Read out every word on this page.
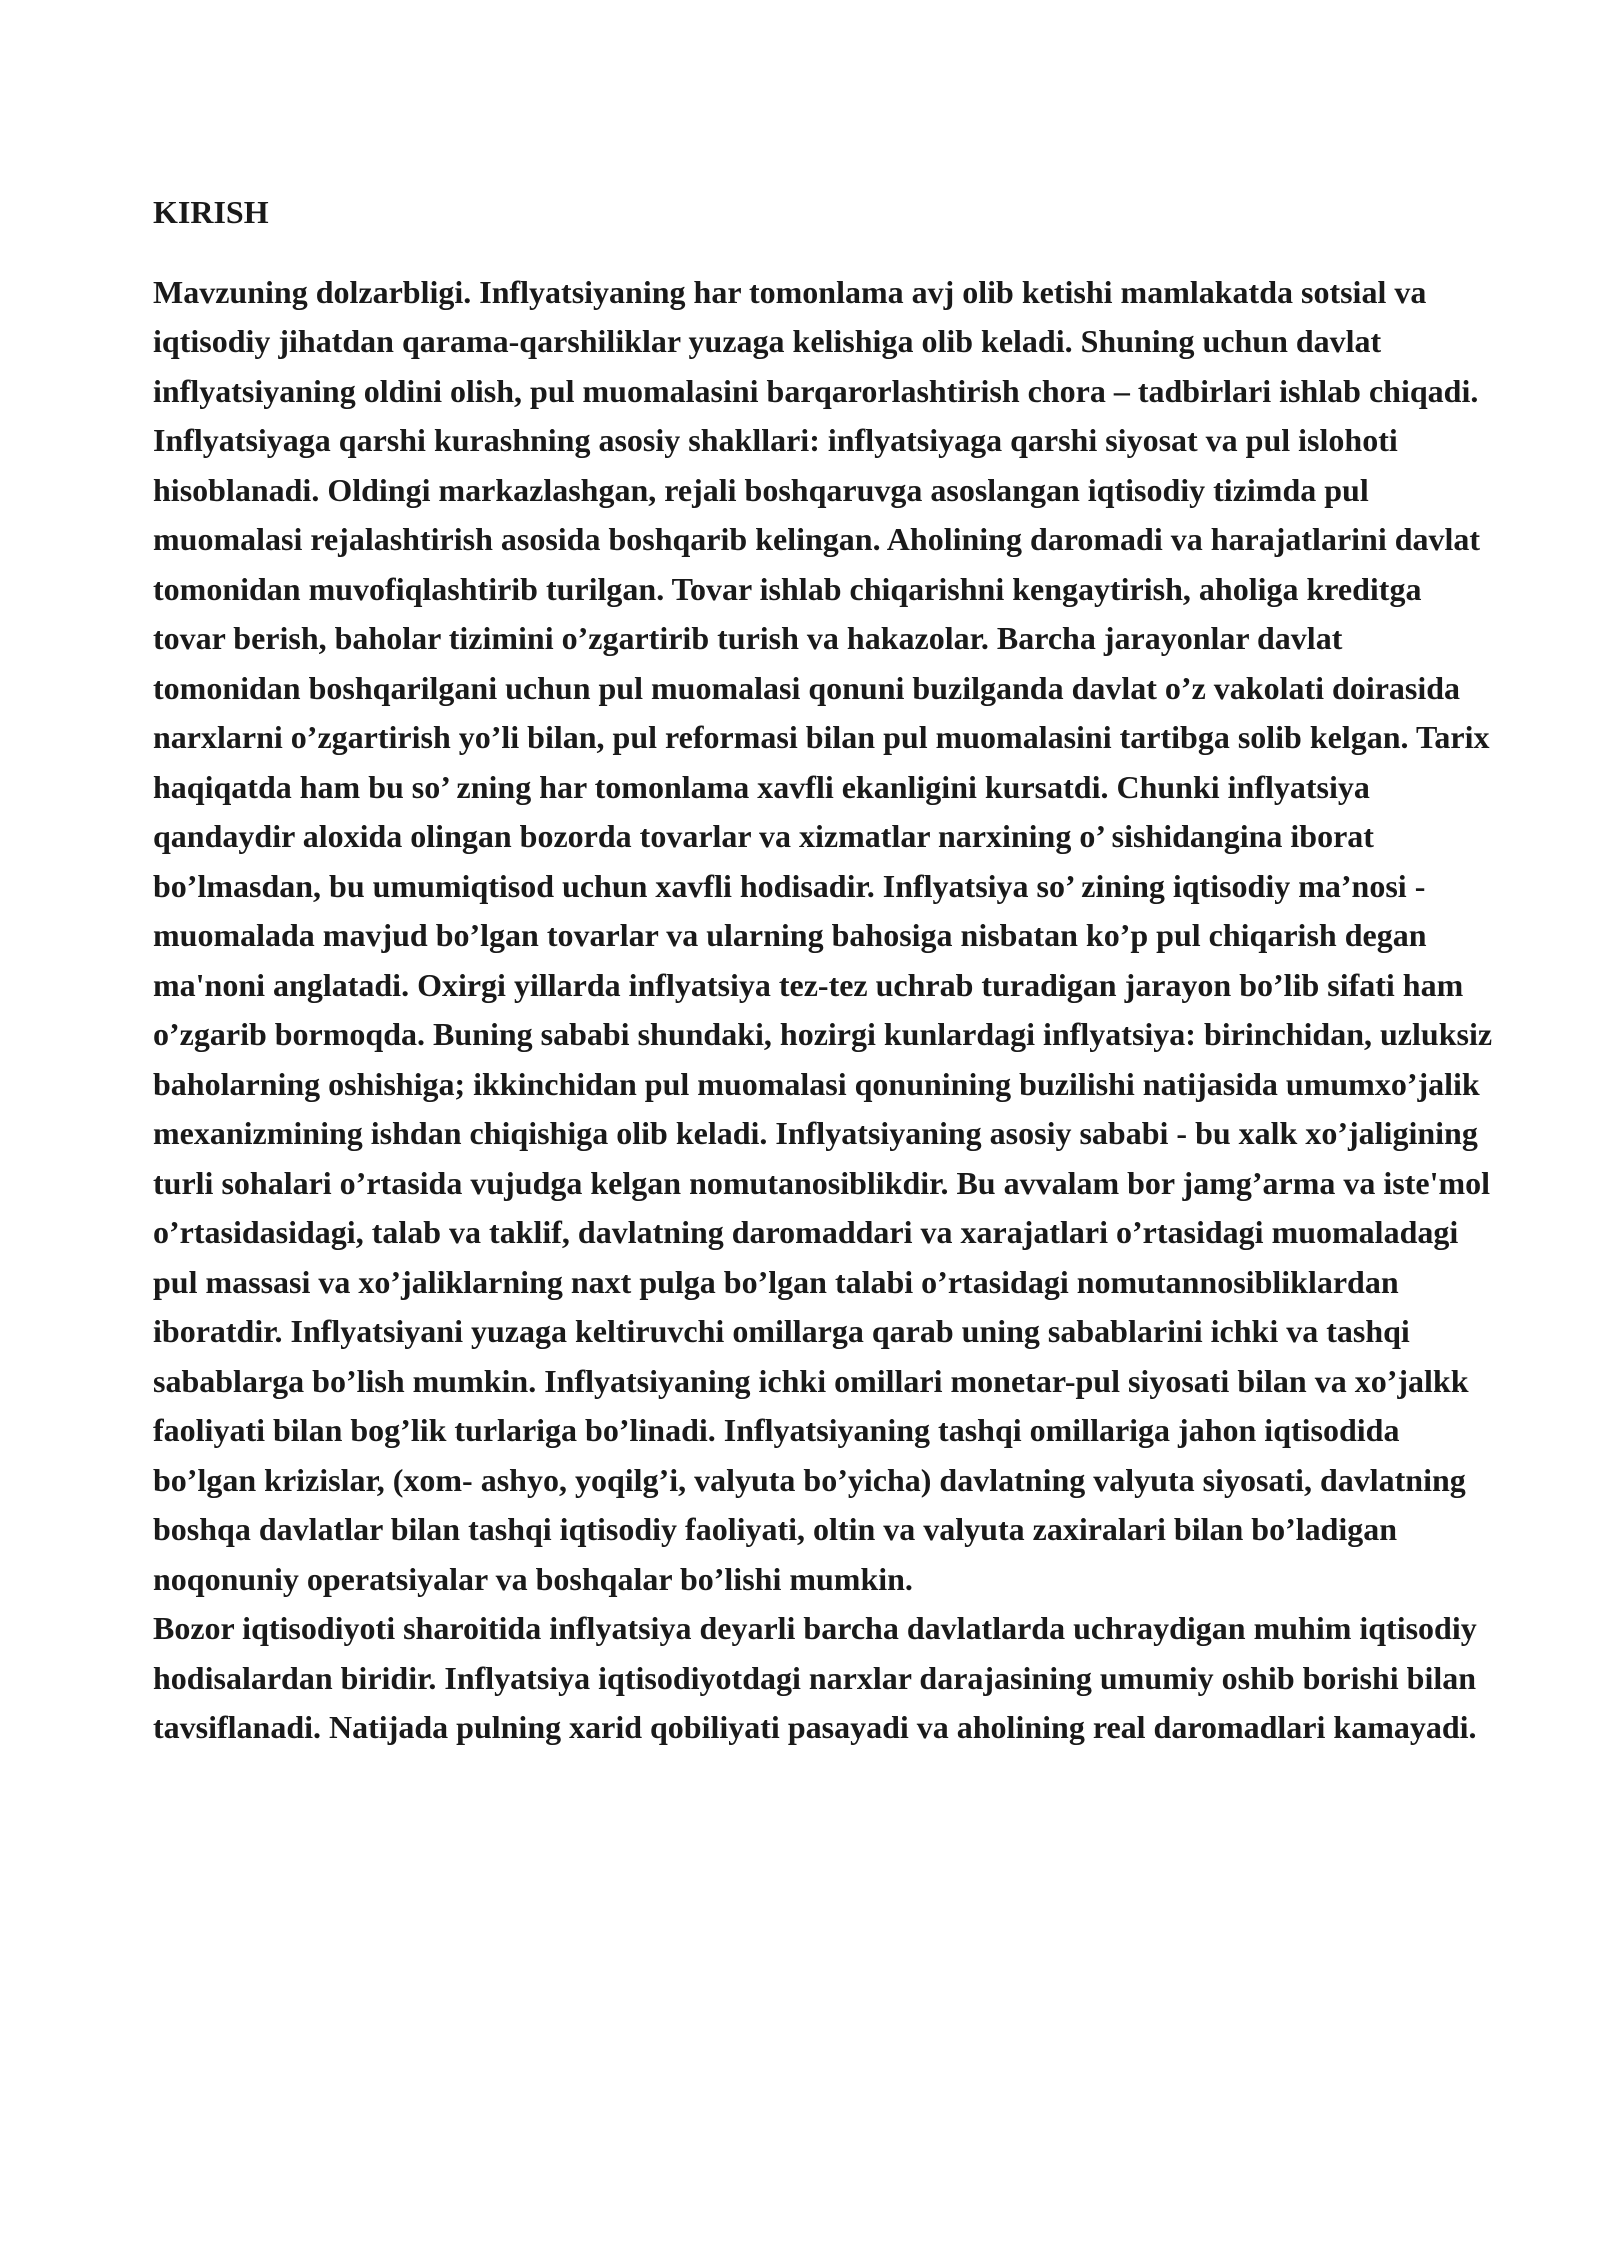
KIRISH

Mavzuning dolzarbligi. Inflyatsiyaning har tomonlama avj olib ketishi mamlakatda sotsial va iqtisodiy jihatdan qarama-qarshiliklar yuzaga kelishiga olib keladi. Shuning uchun davlat inflyatsiyaning oldini olish, pul muomalasini barqarorlashtirish chora – tadbirlari ishlab chiqadi. Inflyatsiyaga qarshi kurashning asosiy shakllari: inflyatsiyaga qarshi siyosat va pul islohoti hisoblanadi. Oldingi markazlashgan, rejali boshqaruvga asoslangan iqtisodiy tizimda pul muomalasi rejalashtirish asosida boshqarib kelingan. Aholining daromadi va harajatlarini davlat tomonidan muvofiqlashtirib turilgan. Tovar ishlab chiqarishni kengaytirish, aholiga kreditga tovar berish, baholar tizimini o’zgartirib turish va hakazolar. Barcha jarayonlar davlat tomonidan boshqarilgani uchun pul muomalasi qonuni buzilganda davlat o’z vakolati doirasida narxlarni o’zgartirish yo’li bilan, pul reformasi bilan pul muomalasini tartibga solib kelgan. Tarix haqiqatda ham bu so’ zning har tomonlama xavfli ekanligini kursatdi. Chunki inflyatsiya qandaydir aloxida olingan bozorda tovarlar va xizmatlar narxining o’ sishidangina iborat bo’lmasdan, bu umumiqtisod uchun xavfli hodisadir. Inflyatsiya so’ zining iqtisodiy ma’nosi - muomalada mavjud bo’lgan tovarlar va ularning bahosiga nisbatan ko’p pul chiqarish degan ma'noni anglatadi. Oxirgi yillarda inflyatsiya tez-tez uchrab turadigan jarayon bo’lib sifati ham o’zgarib bormoqda. Buning sababi shundaki, hozirgi kunlardagi inflyatsiya: birinchidan, uzluksiz baholarning oshishiga; ikkinchidan pul muomalasi qonunining buzilishi natijasida umumxo’jalik mexanizmining ishdan chiqishiga olib keladi. Inflyatsiyaning asosiy sababi - bu xalk xo’jaligining turli sohalari o’rtasida vujudga kelgan nomutanosiblikdir. Bu avvalam bor jamg’arma va iste'mol o’rtasidasidagi, talab va taklif, davlatning daromaddari va xarajatlari o’rtasidagi muomaladagi pul massasi va xo’jaliklarning naxt pulga bo’lgan talabi o’rtasidagi nomutannosibliklardan iboratdir. Inflyatsiyani yuzaga keltiruvchi omillarga qarab uning sabablarini ichki va tashqi sabablarga bo’lish mumkin. Inflyatsiyaning ichki omillari monetar-pul siyosati bilan va xo’jalkk faoliyati bilan bog’lik turlariga bo’linadi. Inflyatsiyaning tashqi omillariga jahon iqtisodida bo’lgan krizislar, (xom- ashyo, yoqilg’i, valyuta bo’yicha) davlatning valyuta siyosati, davlatning boshqa davlatlar bilan tashqi iqtisodiy faoliyati, oltin va valyuta zaxiralari bilan bo’ladigan noqonuniy operatsiyalar va boshqalar bo’lishi mumkin.

Bozor iqtisodiyoti sharoitida inflyatsiya deyarli barcha davlatlarda uchraydigan muhim iqtisodiy hodisalardan biridir. Inflyatsiya iqtisodiyotdagi narxlar darajasining umumiy oshib borishi bilan tavsiflanadi. Natijada pulning xarid qobiliyati pasayadi va aholining real daromadlari kamayadi.
